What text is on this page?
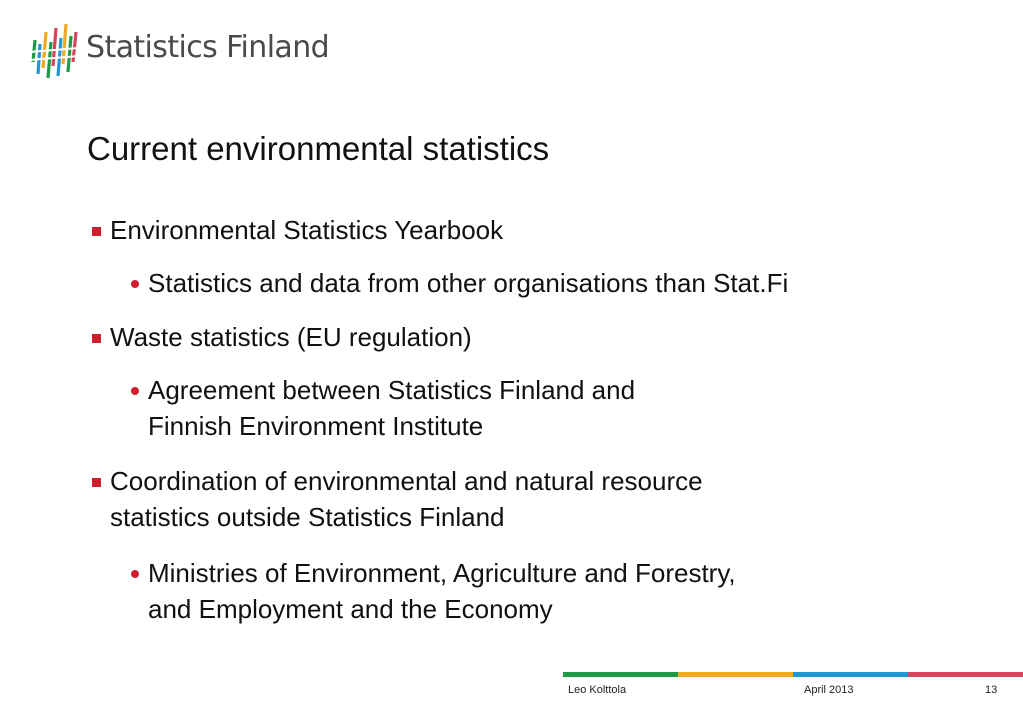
Statistics Finland
Current environmental statistics
Environmental Statistics Yearbook
Statistics and data from other organisations than Stat.Fi
Waste statistics (EU regulation)
Agreement between Statistics Finland and
Finnish Environment Institute
Coordination of environmental and natural resource
statistics outside Statistics Finland
Ministries of Environment, Agriculture and Forestry,
and Employment and the Economy
Leo Kolttola	April 2013	13
